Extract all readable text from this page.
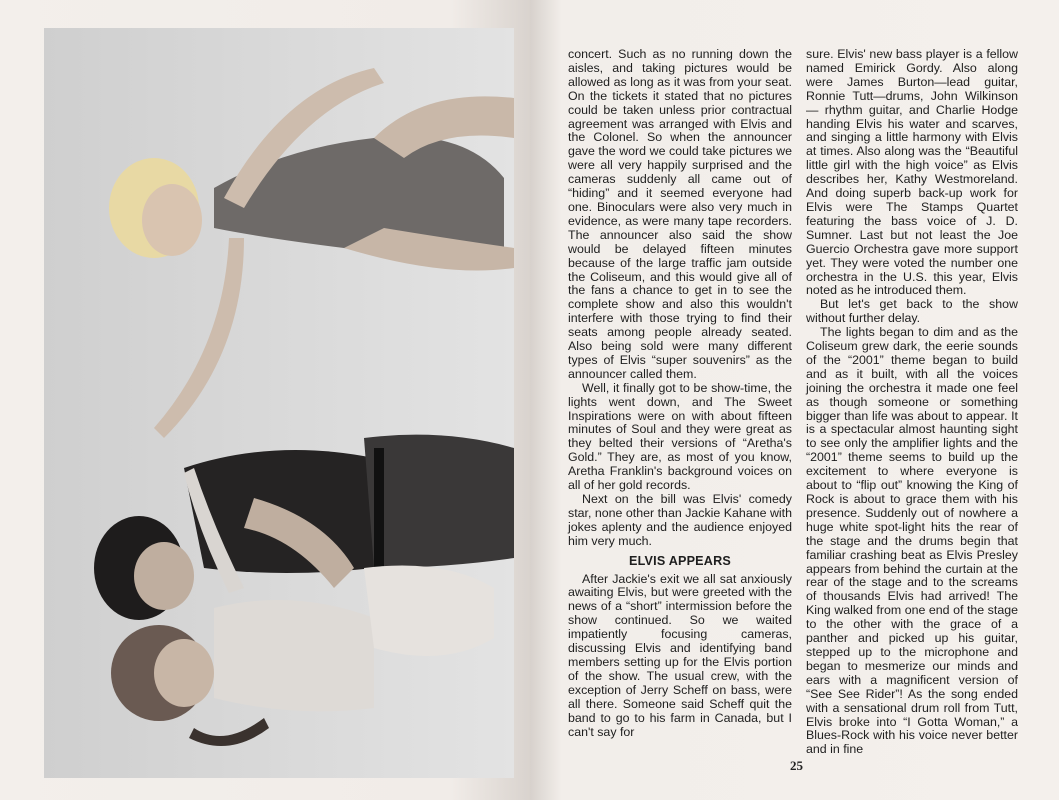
concert. Such as no running down the aisles, and taking pictures would be allowed as long as it was from your seat. On the tickets it stated that no pictures could be taken unless prior contractual agreement was arranged with Elvis and the Colonel. So when the announcer gave the word we could take pictures we were all very happily surprised and the cameras suddenly all came out of “hiding” and it seemed everyone had one. Binoculars were also very much in evidence, as were many tape recorders. The announcer also said the show would be delayed fifteen minutes because of the large traffic jam outside the Coliseum, and this would give all of the fans a chance to get in to see the complete show and also this wouldn't interfere with those trying to find their seats among people already seated. Also being sold were many different types of Elvis “super souvenirs” as the announcer called them.

Well, it finally got to be show-time, the lights went down, and The Sweet Inspirations were on with about fifteen minutes of Soul and they were great as they belted their versions of “Aretha's Gold.” They are, as most of you know, Aretha Franklin's background voices on all of her gold records.

Next on the bill was Elvis' comedy star, none other than Jackie Kahane with jokes aplenty and the audience enjoyed him very much.

ELVIS APPEARS

After Jackie's exit we all sat anxiously awaiting Elvis, but were greeted with the news of a “short” intermission before the show continued. So we waited impatiently focusing cameras, discussing Elvis and identifying band members setting up for the Elvis portion of the show. The usual crew, with the exception of Jerry Scheff on bass, were all there. Someone said Scheff quit the band to go to his farm in Canada, but I can't say for

sure. Elvis' new bass player is a fellow named Emirick Gordy. Also along were James Burton—lead guitar, Ronnie Tutt—drums, John Wilkinson — rhythm guitar, and Charlie Hodge handing Elvis his water and scarves, and singing a little harmony with Elvis at times. Also along was the “Beautiful little girl with the high voice” as Elvis describes her, Kathy Westmoreland. And doing superb back-up work for Elvis were The Stamps Quartet featuring the bass voice of J. D. Sumner. Last but not least the Joe Guercio Orchestra gave more support yet. They were voted the number one orchestra in the U.S. this year, Elvis noted as he introduced them.

But let's get back to the show without further delay.

The lights began to dim and as the Coliseum grew dark, the eerie sounds of the “2001” theme began to build and as it built, with all the voices joining the orchestra it made one feel as though someone or something bigger than life was about to appear. It is a spectacular almost haunting sight to see only the amplifier lights and the “2001” theme seems to build up the excitement to where everyone is about to “flip out” knowing the King of Rock is about to grace them with his presence. Suddenly out of nowhere a huge white spot-light hits the rear of the stage and the drums begin that familiar crashing beat as Elvis Presley appears from behind the curtain at the rear of the stage and to the screams of thousands Elvis had arrived! The King walked from one end of the stage to the other with the grace of a panther and picked up his guitar, stepped up to the microphone and began to mesmerize our minds and ears with a magnificent version of “See See Rider”! As the song ended with a sensational drum roll from Tutt, Elvis broke into “I Gotta Woman,” a Blues-Rock with his voice never better and in fine

25
